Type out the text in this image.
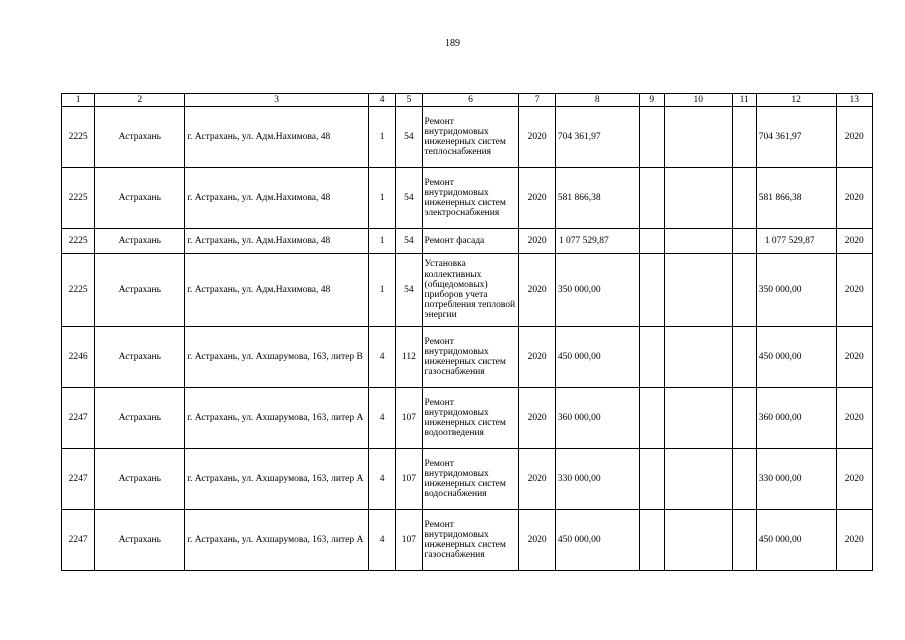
189
1	2	3	4	5	6	7	8	9	10	11	12	13
2225	Астрахань	г. Астрахань, ул. Адм.Нахимова, 48	1	54	Ремонт внутридомовых инженерных систем теплоснабжения	2020	704 361,97				704 361,97	2020
2225	Астрахань	г. Астрахань, ул. Адм.Нахимова, 48	1	54	Ремонт внутридомовых инженерных систем электроснабжения	2020	581 866,38				581 866,38	2020
2225	Астрахань	г. Астрахань, ул. Адм.Нахимова, 48	1	54	Ремонт фасада	2020	1 077 529,87				1 077 529,87	2020
2225	Астрахань	г. Астрахань, ул. Адм.Нахимова, 48	1	54	Установка коллективных (общедомовых) приборов учета потребления тепловой энергии	2020	350 000,00				350 000,00	2020
2246	Астрахань	г. Астрахань, ул. Ахшарумова, 163, литер В	4	112	Ремонт внутридомовых инженерных систем газоснабжения	2020	450 000,00				450 000,00	2020
2247	Астрахань	г. Астрахань, ул. Ахшарумова, 163, литер А	4	107	Ремонт внутридомовых инженерных систем водоотведения	2020	360 000,00				360 000,00	2020
2247	Астрахань	г. Астрахань, ул. Ахшарумова, 163, литер А	4	107	Ремонт внутридомовых инженерных систем водоснабжения	2020	330 000,00				330 000,00	2020
2247	Астрахань	г. Астрахань, ул. Ахшарумова, 163, литер А	4	107	Ремонт внутридомовых инженерных систем газоснабжения	2020	450 000,00				450 000,00	2020
